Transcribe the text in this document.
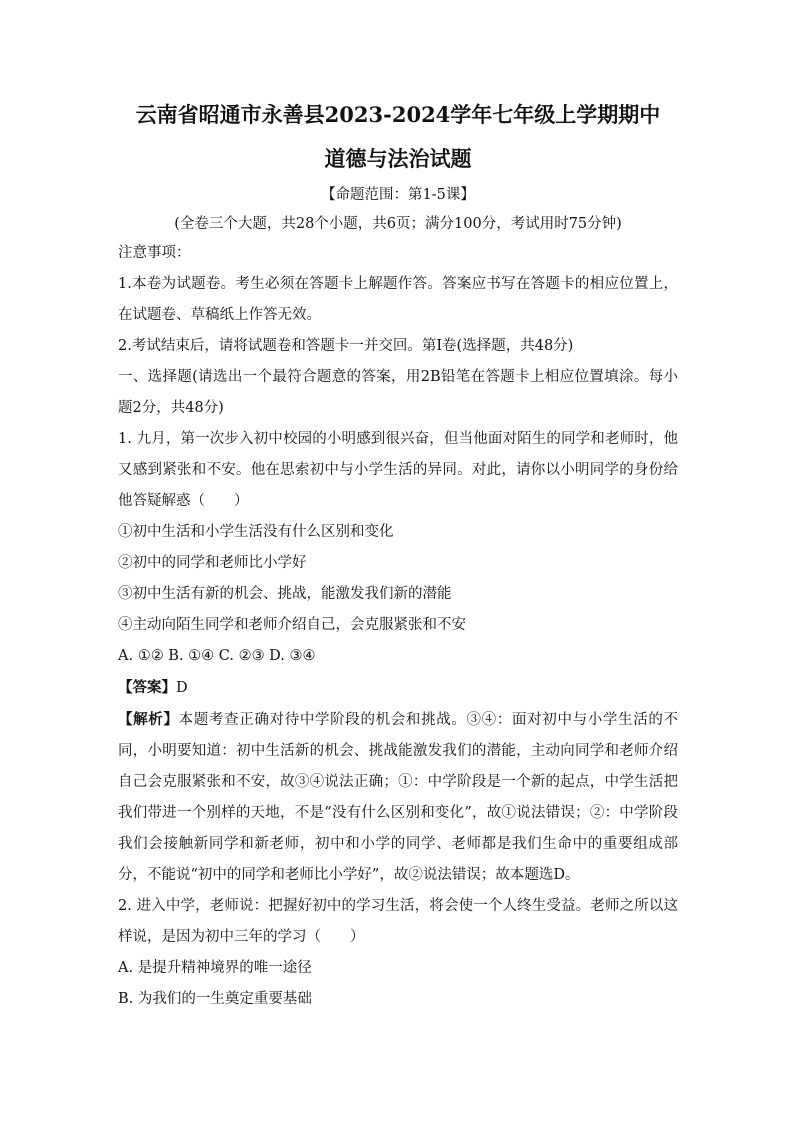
云南省昭通市永善县2023-2024学年七年级上学期期中

道德与法治试题

【命题范围：第1-5课】
(全卷三个大题，共28个小题，共6页；满分100分，考试用时75分钟)

注意事项：

1.本卷为试题卷。考生必须在答题卡上解题作答。答案应书写在答题卡的相应位置上，在试题卷、草稿纸上作答无效。

2.考试结束后，请将试题卷和答题卡一并交回。第I卷(选择题，共48分)

一、选择题(请选出一个最符合题意的答案，用2B铅笔在答题卡上相应位置填涂。每小题2分，共48分)

1. 九月，第一次步入初中校园的小明感到很兴奋，但当他面对陌生的同学和老师时，他又感到紧张和不安。他在思索初中与小学生活的异同。对此，请你以小明同学的身份给他答疑解惑（　　）

①初中生活和小学生活没有什么区别和变化

②初中的同学和老师比小学好

③初中生活有新的机会、挑战，能激发我们新的潜能

④主动向陌生同学和老师介绍自己，会克服紧张和不安

A. ①② B. ①④ C. ②③ D. ③④

【答案】D

【解析】本题考查正确对待中学阶段的机会和挑战。③④：面对初中与小学生活的不同，小明要知道：初中生活新的机会、挑战能激发我们的潜能，主动向同学和老师介绍自己会克服紧张和不安，故③④说法正确；①：中学阶段是一个新的起点，中学生活把我们带进一个别样的天地，不是“没有什么区别和变化”，故①说法错误；②：中学阶段我们会接触新同学和新老师，初中和小学的同学、老师都是我们生命中的重要组成部分，不能说“初中的同学和老师比小学好”，故②说法错误；故本题选D。

2. 进入中学，老师说：把握好初中的学习生活，将会使一个人终生受益。老师之所以这样说，是因为初中三年的学习（　　）

A. 是提升精神境界的唯一途径

B. 为我们的一生奠定重要基础
